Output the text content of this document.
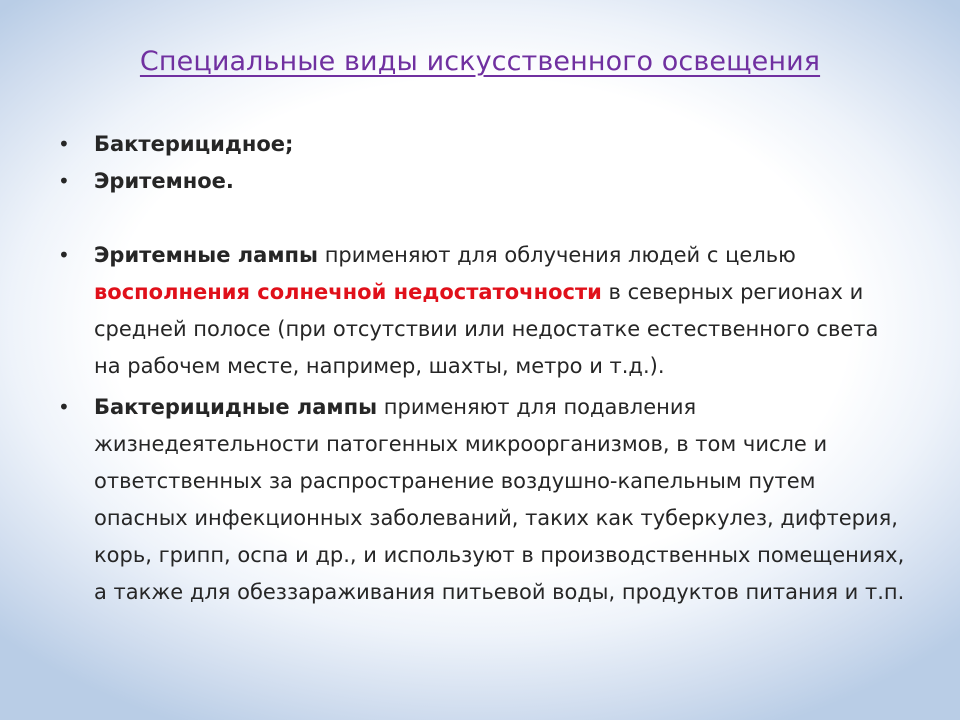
Специальные виды искусственного освещения
• Бактерицидное;
• Эритемное.
• Эритемные лампы применяют для облучения людей с целью восполнения солнечной недостаточности в северных регионах и средней полосе (при отсутствии или недостатке естественного света на рабочем месте, например, шахты, метро и т.д.).
• Бактерицидные лампы применяют для подавления жизнедеятельности патогенных микроорганизмов, в том числе и ответственных за распространение воздушно-капельным путем опасных инфекционных заболеваний, таких как туберкулез, дифтерия, корь, грипп, оспа и др., и используют в производственных помещениях, а также для обеззараживания питьевой воды, продуктов питания и т.п.
